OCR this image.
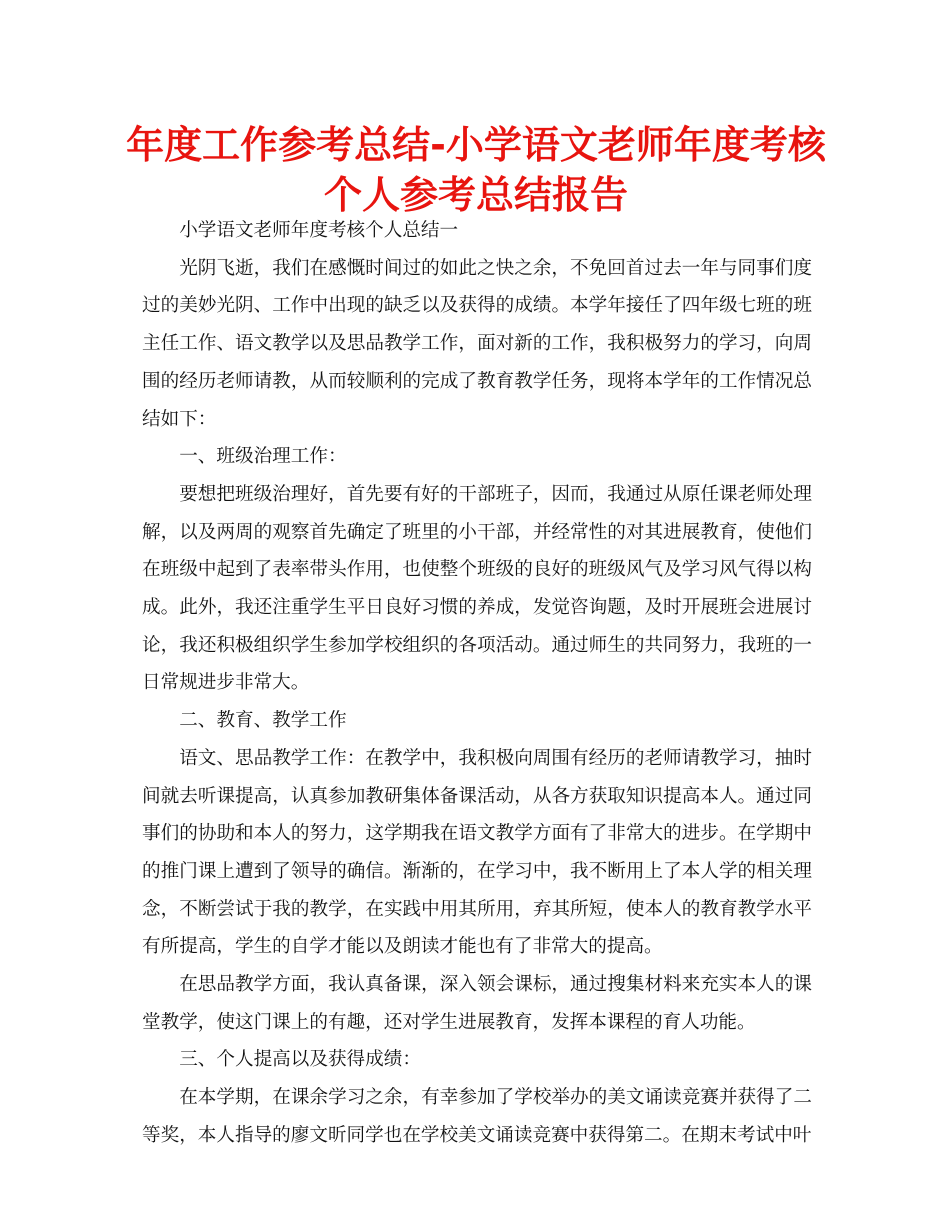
年度工作参考总结-小学语文老师年度考核个人参考总结报告

小学语文老师年度考核个人总结一

光阴飞逝，我们在感慨时间过的如此之快之余，不免回首过去一年与同事们度过的美妙光阴、工作中出现的缺乏以及获得的成绩。本学年接任了四年级七班的班主任工作、语文教学以及思品教学工作，面对新的工作，我积极努力的学习，向周围的经历老师请教，从而较顺利的完成了教育教学任务，现将本学年的工作情况总结如下：

一、班级治理工作：

要想把班级治理好，首先要有好的干部班子，因而，我通过从原任课老师处理解，以及两周的观察首先确定了班里的小干部，并经常性的对其进展教育，使他们在班级中起到了表率带头作用，也使整个班级的良好的班级风气及学习风气得以构成。此外，我还注重学生平日良好习惯的养成，发觉咨询题，及时开展班会进展讨论，我还积极组织学生参加学校组织的各项活动。通过师生的共同努力，我班的一日常规进步非常大。

二、教育、教学工作

语文、思品教学工作：在教学中，我积极向周围有经历的老师请教学习，抽时间就去听课提高，认真参加教研集体备课活动，从各方获取知识提高本人。通过同事们的协助和本人的努力，这学期我在语文教学方面有了非常大的进步。在学期中的推门课上遭到了领导的确信。渐渐的，在学习中，我不断用上了本人学的相关理念，不断尝试于我的教学，在实践中用其所用，弃其所短，使本人的教育教学水平有所提高，学生的自学才能以及朗读才能也有了非常大的提高。

在思品教学方面，我认真备课，深入领会课标，通过搜集材料来充实本人的课堂教学，使这门课上的有趣，还对学生进展教育，发挥本课程的育人功能。

三、个人提高以及获得成绩：

在本学期，在课余学习之余，有幸参加了学校举办的美文诵读竞赛并获得了二等奖，本人指导的廖文昕同学也在学校美文诵读竞赛中获得第二。在期末考试中叶
